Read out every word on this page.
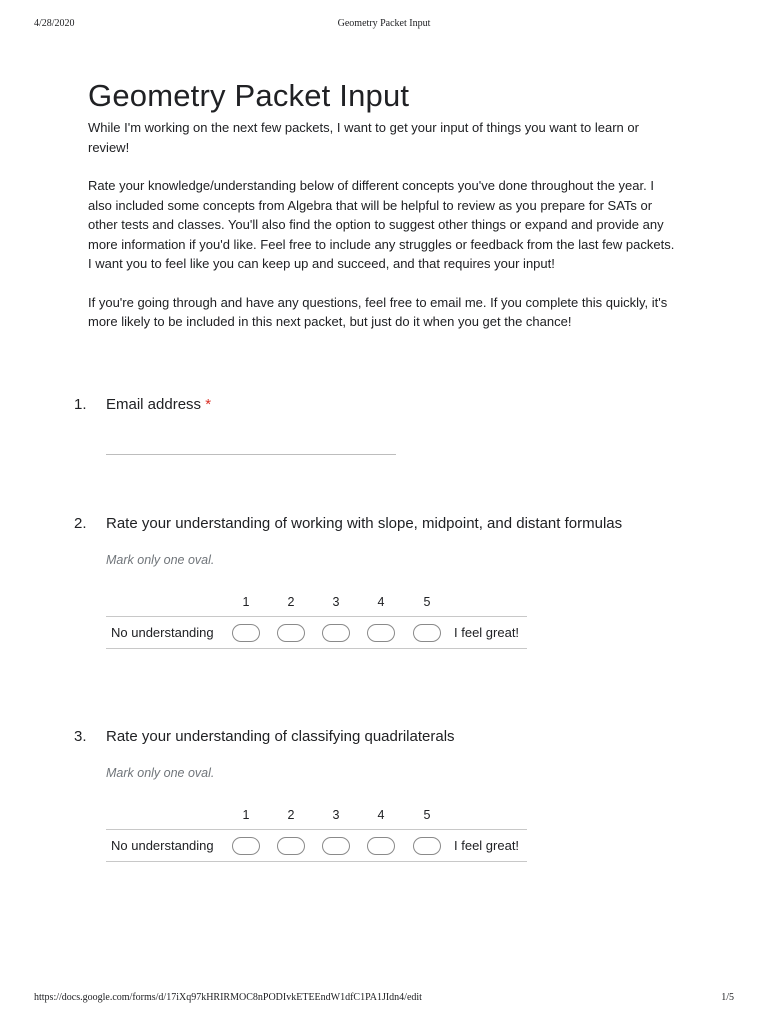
4/28/2020	Geometry Packet Input
Geometry Packet Input

While I'm working on the next few packets, I want to get your input of things you want to learn or review!

Rate your knowledge/understanding below of different concepts you've done throughout the year. I also included some concepts from Algebra that will be helpful to review as you prepare for SATs or other tests and classes. You'll also find the option to suggest other things or expand and provide any more information if you'd like. Feel free to include any struggles or feedback from the last few packets. I want you to feel like you can keep up and succeed, and that requires your input!

If you're going through and have any questions, feel free to email me. If you complete this quickly, it's more likely to be included in this next packet, but just do it when you get the chance!

1. Email address *
2. Rate your understanding of working with slope, midpoint, and distant formulas
Mark only one oval.
1	2	3	4	5
No understanding	I feel great!
3. Rate your understanding of classifying quadrilaterals
Mark only one oval.
1	2	3	4	5
No understanding	I feel great!
https://docs.google.com/forms/d/17iXq97kHRIRMOC8nPODIvkETEEndW1dfC1PA1JIdn4/edit	1/5
